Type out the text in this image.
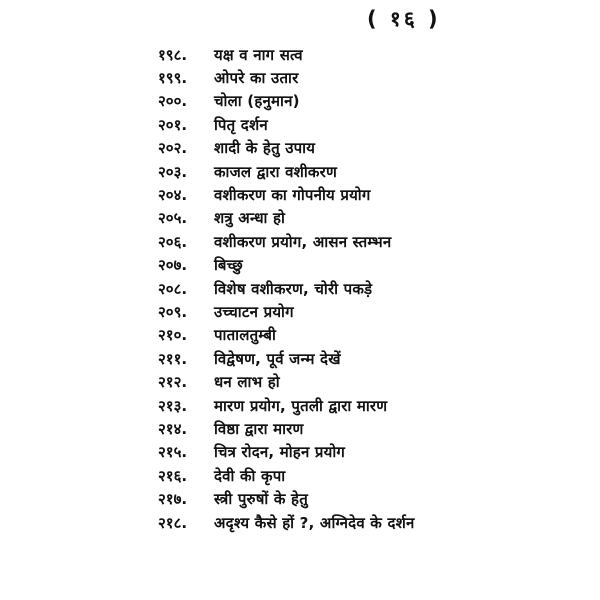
( १६ )
१९८.	यक्ष व नाग सत्व
१९९.	ओपरे का उतार
२००.	चोला (हनुमान)
२०१.	पितृ दर्शन
२०२.	शादी के हेतु उपाय
२०३.	काजल द्वारा वशीकरण
२०४.	वशीकरण का गोपनीय प्रयोग
२०५.	शत्रु अन्धा हो
२०६.	वशीकरण प्रयोग, आसन स्तम्भन
२०७.	बिच्छु
२०८.	विशेष वशीकरण, चोरी पकड़े
२०९.	उच्चाटन प्रयोग
२१०.	पातालतुम्बी
२११.	विद्वेषण, पूर्व जन्म देखें
२१२.	धन लाभ हो
२१३.	मारण प्रयोग, पुतली द्वारा मारण
२१४.	विष्ठा द्वारा मारण
२१५.	चित्र रोदन, मोहन प्रयोग
२१६.	देवी की कृपा
२१७.	स्त्री पुरुषों के हेतु
२१८.	अदृश्य कैसे हों ?, अग्निदेव के दर्शन
